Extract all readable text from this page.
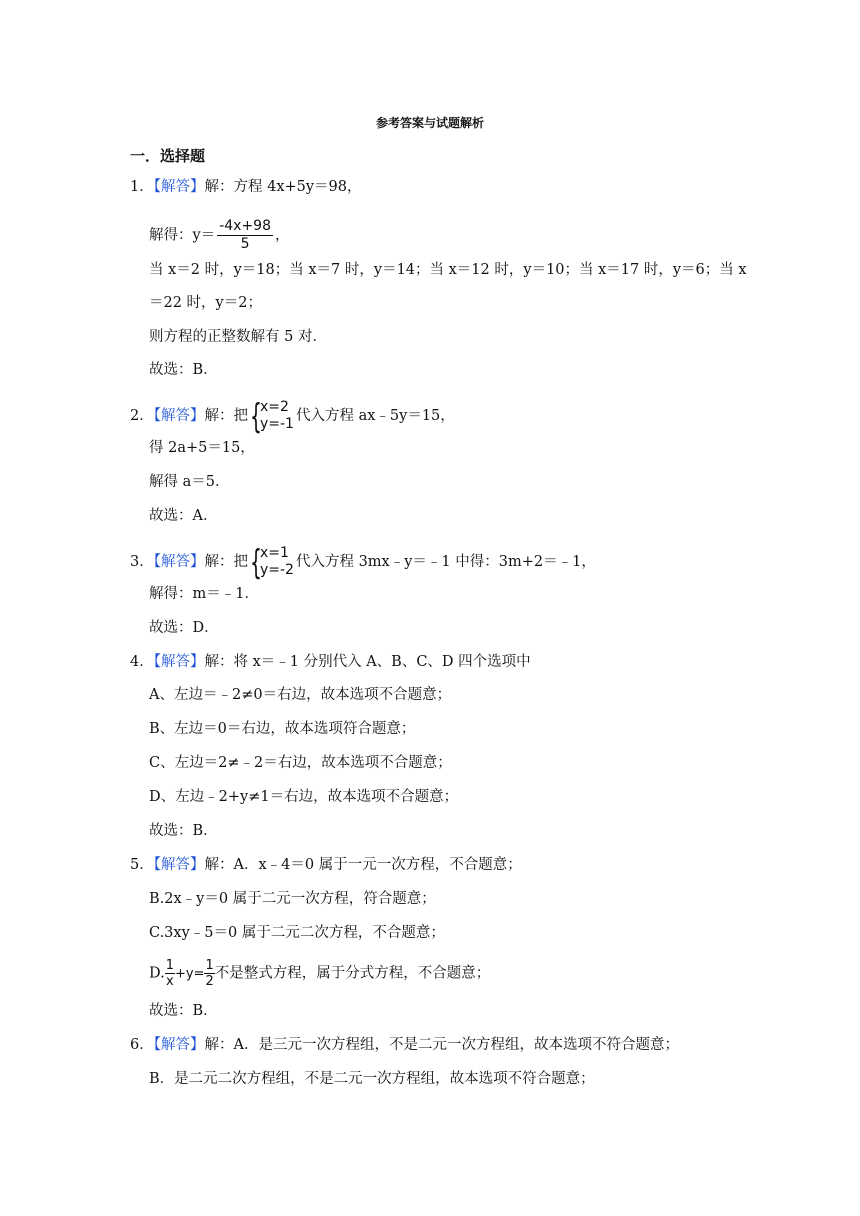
参考答案与试题解析
一．选择题
1．【解答】解：方程 4x+5y＝98，
解得：$y= \frac{-4x+98}{5}$ ，
当 x＝2 时，y＝18；当 x＝7 时，y＝14；当 x＝12 时，y＝10；当 x＝17 时，y＝6；当 x
＝22 时，y＝2；
则方程的正整数解有 5 对．
故选：B．
2．【解答】解：把 {
x=2
y=-1 代入方程 ax﹣5y＝15，
得 2a+5＝15，
解得 a＝5．
故选：A．
3．【解答】解：把 {
x=1
y=-2 代入方程 3mx﹣y＝﹣1 中得：3m+2＝﹣1，
解得：m＝﹣1．
故选：D．
4．【解答】解：将 x＝﹣1 分别代入 A、B、C、D 四个选项中
A、左边＝﹣2≠0＝右边，故本选项不合题意；
B、左边＝0＝右边，故本选项符合题意；
C、左边＝2≠﹣2＝右边，故本选项不合题意；
D、左边﹣2+y≠1＝右边，故本选项不合题意；
故选：B．
5．【解答】解：A．x﹣4＝0 属于一元一次方程，不合题意；
B.2x﹣y＝0 属于二元一次方程，符合题意；
C.3xy﹣5＝0 属于二元二次方程，不合题意；
D. $\frac{1}{x} +y= \frac{1}{2}$ 不是整式方程，属于分式方程，不合题意；
故选：B．
6．【解答】解：A．是三元一次方程组，不是二元一次方程组，故本选项不符合题意；
B．是二元二次方程组，不是二元一次方程组，故本选项不符合题意；
